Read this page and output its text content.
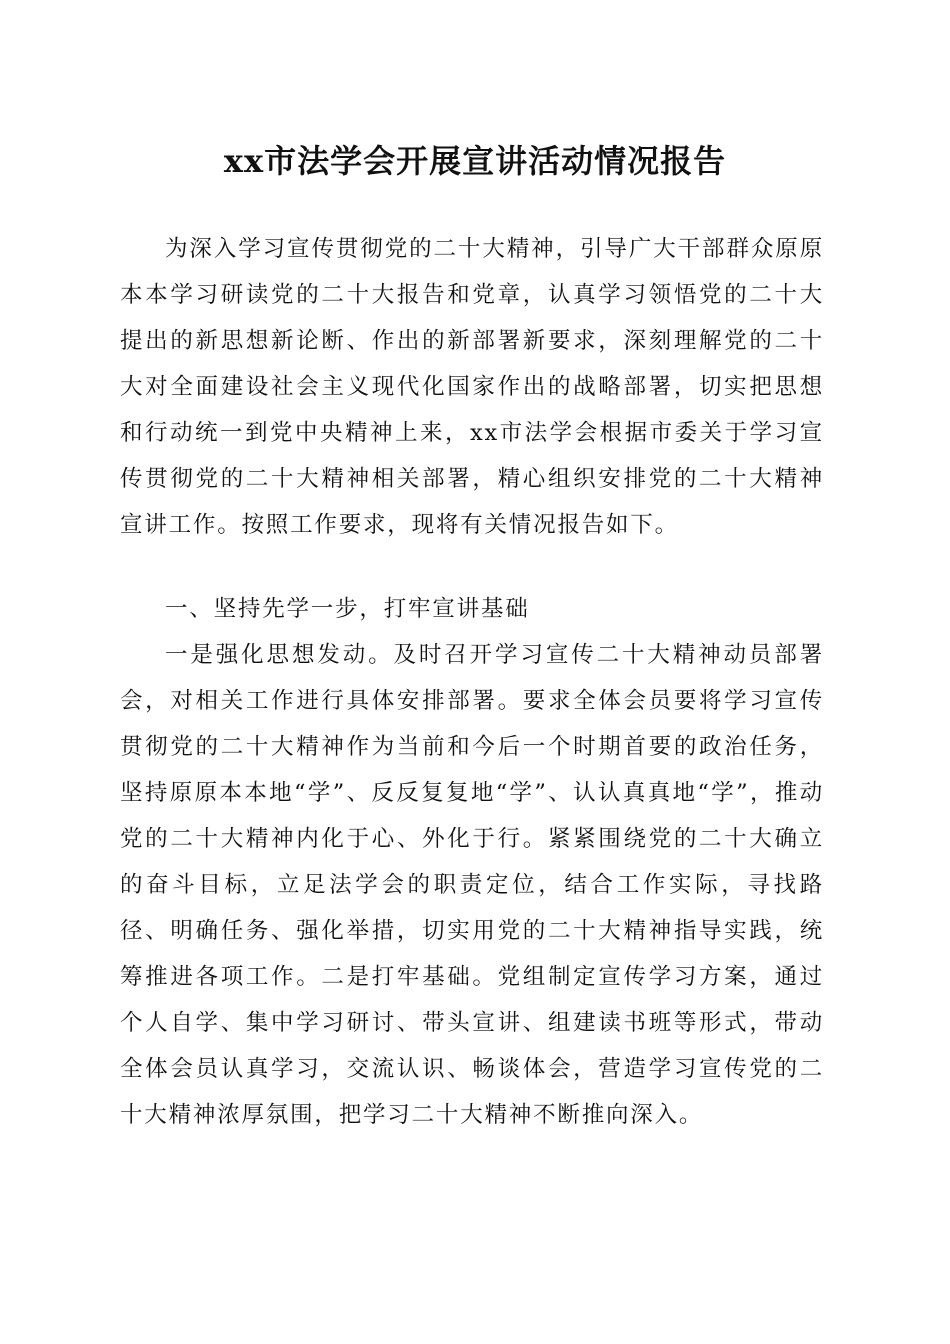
xx市法学会开展宣讲活动情况报告

为深入学习宣传贯彻党的二十大精神，引导广大干部群众原原本本学习研读党的二十大报告和党章，认真学习领悟党的二十大提出的新思想新论断、作出的新部署新要求，深刻理解党的二十大对全面建设社会主义现代化国家作出的战略部署，切实把思想和行动统一到党中央精神上来，xx市法学会根据市委关于学习宣传贯彻党的二十大精神相关部署，精心组织安排党的二十大精神宣讲工作。按照工作要求，现将有关情况报告如下。

一、坚持先学一步，打牢宣讲基础

一是强化思想发动。及时召开学习宣传二十大精神动员部署会，对相关工作进行具体安排部署。要求全体会员要将学习宣传贯彻党的二十大精神作为当前和今后一个时期首要的政治任务，坚持原原本本地“学”、反反复复地“学”、认认真真地“学”，推动党的二十大精神内化于心、外化于行。紧紧围绕党的二十大确立的奋斗目标，立足法学会的职责定位，结合工作实际，寻找路径、明确任务、强化举措，切实用党的二十大精神指导实践，统筹推进各项工作。二是打牢基础。党组制定宣传学习方案，通过个人自学、集中学习研讨、带头宣讲、组建读书班等形式，带动全体会员认真学习，交流认识、畅谈体会，营造学习宣传党的二十大精神浓厚氛围，把学习二十大精神不断推向深入。
